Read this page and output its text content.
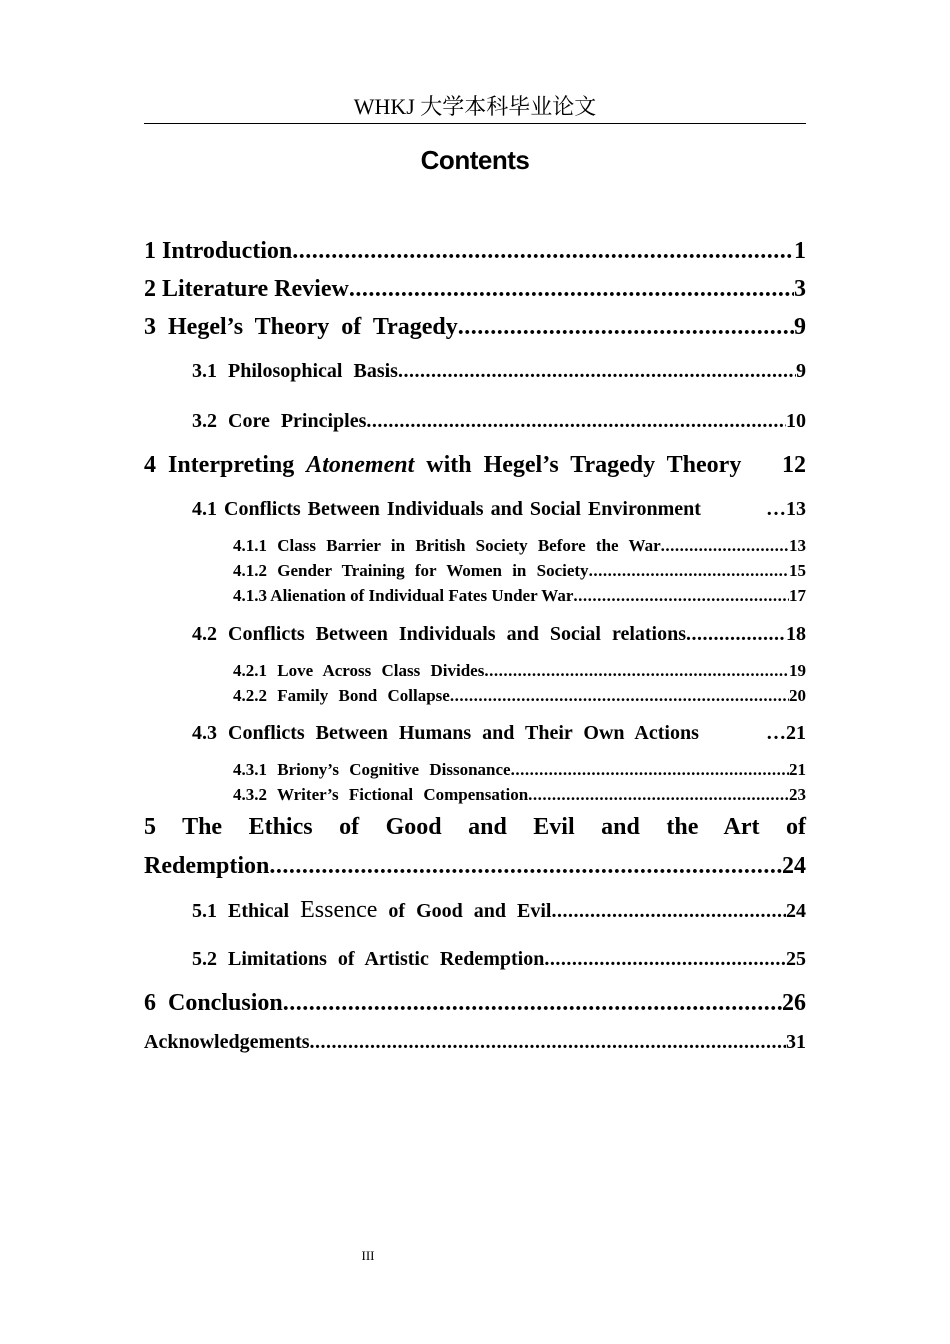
WHKJ 大学本科毕业论文
Contents
1 Introduction .....	1
2 Literature Review .....	3
3 Hegel’s Theory of Tragedy .....	9
3.1 Philosophical Basis .....	9
3.2 Core Principles .....	10
4 Interpreting Atonement with Hegel’s Tragedy Theory 12
4.1 Conflicts Between Individuals and Social Environment	… 13
4.1.1 Class Barrier in British Society Before the War .....	13
4.1.2 Gender Training for Women in Society .....	15
4.1.3 Alienation of Individual Fates Under War .....	17
4.2 Conflicts Between Individuals and Social relations .....	18
4.2.1 Love Across Class Divides .....	19
4.2.2 Family Bond Collapse .....	20
4.3 Conflicts Between Humans and Their Own Actions	… 21
4.3.1 Briony’s Cognitive Dissonance .....	21
4.3.2 Writer’s Fictional Compensation .....	23
5 The Ethics of Good and Evil and the Art of
Redemption .....	24
5.1 Ethical Essence of Good and Evil .....	24
5.2 Limitations of Artistic Redemption .....	25
6 Conclusion .....	26
Acknowledgements .....	31
III
